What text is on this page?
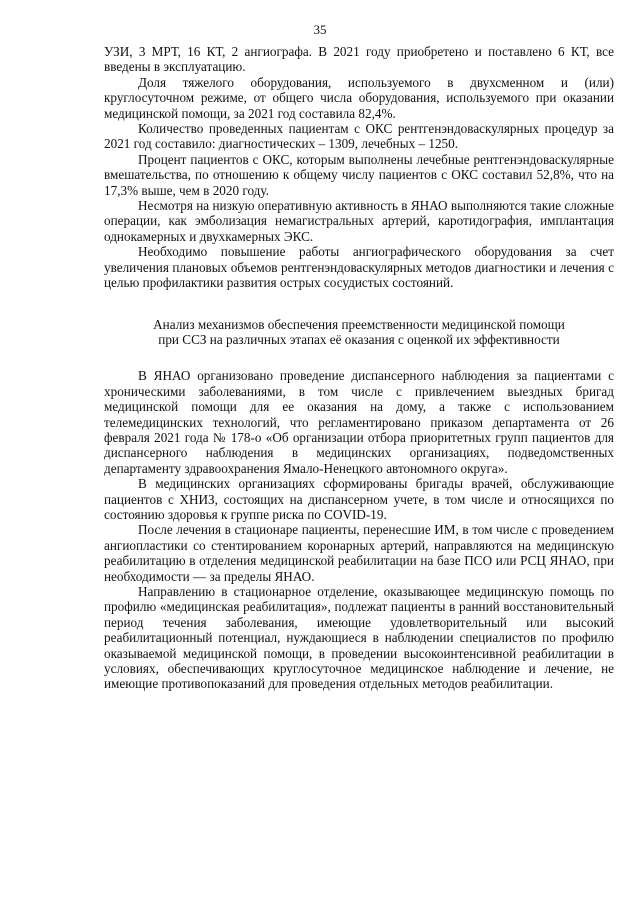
35

УЗИ, 3 МРТ, 16 КТ, 2 ангиографа. В 2021 году приобретено и поставлено 6 КТ, все введены в эксплуатацию.

Доля тяжелого оборудования, используемого в двухсменном и (или) круглосуточном режиме, от общего числа оборудования, используемого при оказании медицинской помощи, за 2021 год составила 82,4%.

Количество проведенных пациентам с ОКС рентгенэндоваскулярных процедур за 2021 год составило: диагностических – 1309, лечебных – 1250.

Процент пациентов с ОКС, которым выполнены лечебные рентгенэндоваскулярные вмешательства, по отношению к общему числу пациентов с ОКС составил 52,8%, что на 17,3% выше, чем в 2020 году.

Несмотря на низкую оперативную активность в ЯНАО выполняются такие сложные операции, как эмболизация немагистральных артерий, каротидография, имплантация однокамерных и двухкамерных ЭКС.

Необходимо повышение работы ангиографического оборудования за счет увеличения плановых объемов рентгенэндоваскулярных методов диагностики и лечения с целью профилактики развития острых сосудистых состояний.

Анализ механизмов обеспечения преемственности медицинской помощи

при ССЗ на различных этапах её оказания с оценкой их эффективности

В ЯНАО организовано проведение диспансерного наблюдения за пациентами с хроническими заболеваниями, в том числе с привлечением выездных бригад медицинской помощи для ее оказания на дому, а также с использованием телемедицинских технологий, что регламентировано приказом департамента от 26 февраля 2021 года № 178-о «Об организации отбора приоритетных групп пациентов для диспансерного наблюдения в медицинских организациях, подведомственных департаменту здравоохранения Ямало-Ненецкого автономного округа».

В медицинских организациях сформированы бригады врачей, обслуживающие пациентов с ХНИЗ, состоящих на диспансерном учете, в том числе и относящихся по состоянию здоровья к группе риска по COVID-19.

После лечения в стационаре пациенты, перенесшие ИМ, в том числе с проведением ангиопластики со стентированием коронарных артерий, направляются на медицинскую реабилитацию в отделения медицинской реабилитации на базе ПСО или РСЦ ЯНАО, при необходимости — за пределы ЯНАО.

Направлению в стационарное отделение, оказывающее медицинскую помощь по профилю «медицинская реабилитация», подлежат пациенты в ранний восстановительный период течения заболевания, имеющие удовлетворительный или высокий реабилитационный потенциал, нуждающиеся в наблюдении специалистов по профилю оказываемой медицинской помощи, в проведении высокоинтенсивной реабилитации в условиях, обеспечивающих круглосуточное медицинское наблюдение и лечение, не имеющие противопоказаний для проведения отдельных методов реабилитации.
